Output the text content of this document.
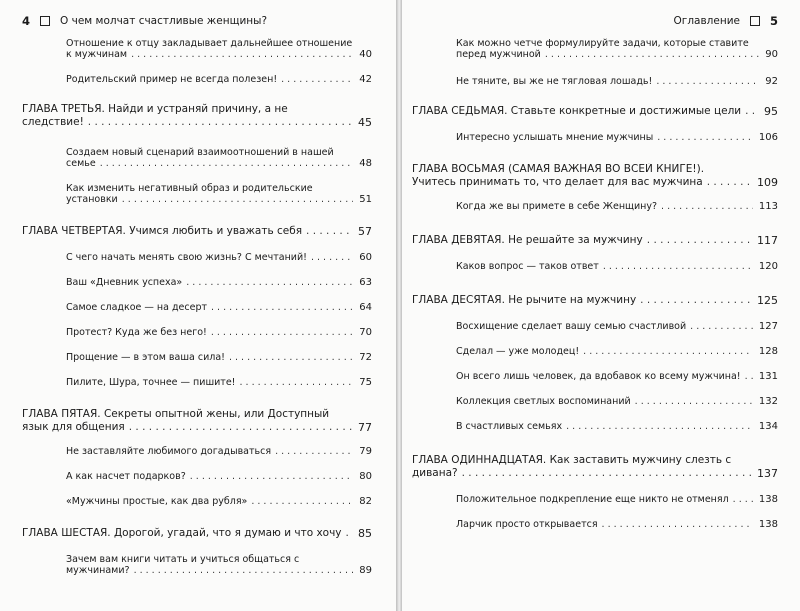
4	О чем молчат счастливые женщины?
Отношение к отцу закладывает дальнейшее отношение к мужчинам . . .	40
Родительский пример не всегда полезен! . . .	42
ГЛАВА ТРЕТЬЯ. Найди и устраняй причину, а не следствие! . . .	45
Создаем новый сценарий взаимоотношений в нашей семье . . .	48
Как изменить негативный образ и родительские установки . . .	51
ГЛАВА ЧЕТВЕРТАЯ. Учимся любить и уважать себя . . .	57
С чего начать менять свою жизнь? С мечтаний! . . .	60
Ваш «Дневник успеха» . . .	63
Самое сладкое — на десерт . . .	64
Протест? Куда же без него! . . .	70
Прощение — в этом ваша сила! . . .	72
Пилите, Шура, точнее — пишите! . . .	75
ГЛАВА ПЯТАЯ. Секреты опытной жены, или Доступный язык для общения . . .	77
Не заставляйте любимого догадываться . . .	79
А как насчет подарков? . . .	80
«Мужчины простые, как два рубля» . . .	82
ГЛАВА ШЕСТАЯ. Дорогой, угадай, что я думаю и что хочу . . .	85
Зачем вам книги читать и учиться общаться с мужчинами? . . .	89
Оглавление	5
Как можно четче формулируйте задачи, которые ставите перед мужчиной . . .	90
Не тяните, вы же не тягловая лошадь! . . .	92
ГЛАВА СЕДЬМАЯ. Ставьте конкретные и достижимые цели . . .	95
Интересно услышать мнение мужчины . . .	106
ГЛАВА ВОСЬМАЯ (САМАЯ ВАЖНАЯ ВО ВСЕЙ КНИГЕ!). Учитесь принимать то, что делает для вас мужчина . . .	109
Когда же вы примете в себе Женщину? . . .	113
ГЛАВА ДЕВЯТАЯ. Не решайте за мужчину . . .	117
Каков вопрос — таков ответ . . .	120
ГЛАВА ДЕСЯТАЯ. Не рычите на мужчину . . .	125
Восхищение сделает вашу семью счастливой . . .	127
Сделал — уже молодец! . . .	128
Он всего лишь человек, да вдобавок ко всему мужчина! . . .	131
Коллекция светлых воспоминаний . . .	132
В счастливых семьях . . .	134
ГЛАВА ОДИННАДЦАТАЯ. Как заставить мужчину слезть с дивана? . . .	137
Положительное подкрепление еще никто не отменял . . .	138
Ларчик просто открывается . . .	138
